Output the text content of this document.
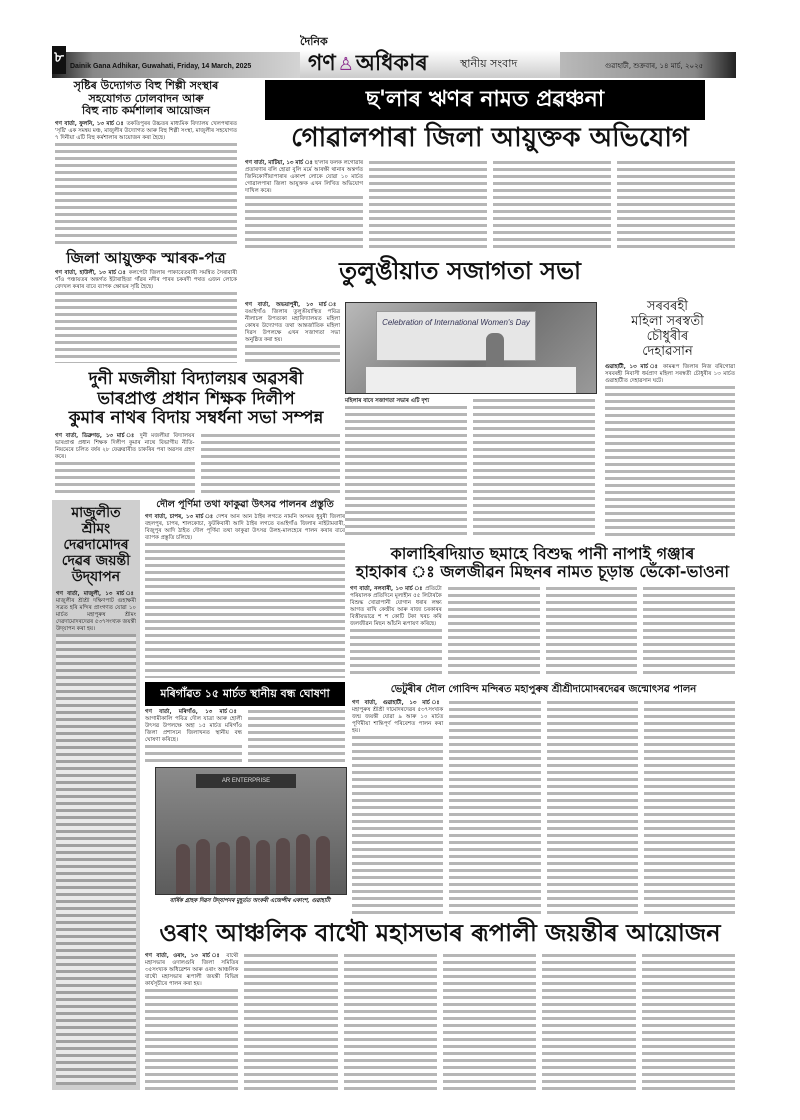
৮
Dainik Gana Adhikar, Guwahati, Friday, 14 March, 2025
দৈনিক
গণ ♙অধিকাৰ	স্থানীয় সংবাদ	গুৱাহাটী, শুক্রবাৰ, ১৪ মাৰ্চ, ২০২৫
সৃষ্টিৰ উদ্যোগত বিহু শিল্পী সংস্থাৰ
সহযোগত ঢোলবাদন আৰু
বিহু নাচ কৰ্মশালাৰ আয়োজন
গণ বাৰ্তা, ফুলনি, ১৩ মাৰ্চ ঃ তকতিপুৰৰ উচ্চতৰ মাধ্যমিক বিদ্যালয় খেলপথাৰত 'সৃষ্টি' এক সমন্বয় মঞ্চ, মাজুলীৰ উদ্যোগত আৰু বিহু শিল্পী সংস্থা, মাজুলীৰ সহযোগত ৭ দিনীয়া এটি বিহু কৰ্মশালাৰ আয়োজন কৰা হৈছে।
জিলা আয়ুক্তক স্মাৰক-পত্ৰ
গণ বাৰ্তা, হাউলী, ১৩ মাৰ্চ ঃ কলপেটা জিলাৰ পাকাবেতবাৰী সমন্বিত সৈৰাবাৰী গাঁও পঞ্চায়তৰ অন্তৰ্গত ইটাৰাহিতা গাঁৱৰ নদীৰ পাৰৰ চকৰদী পথত এজন লোকে বেদখল কৰাৰ বাবে ব্যাপক ক্ষোভৰ সৃষ্টি হৈছে।
ছ'লাৰ ঋণৰ নামত প্ৰৱঞ্চনা
গোৱালপাৰা জিলা আয়ুক্তক অভিযোগ
গণ বাৰ্তা, মাটিয়া, ১৩ মাৰ্চ ঃ ছ'লাৰ ফলক লগোৱাৰ প্ৰতাৰণাৰ বলি হোৱা বুলি মৰ্মে আৰক্ষী থানাৰ অন্তৰ্গত জিনিকোণীয়াপাৰাৰ একাংশ লোকে যোৱা ১০ মাৰ্চত গোৱালপাৰা জিলা আয়ুক্তক এখন লিখিত অভিযোগ দাখিল কৰে।
তুলুঙীয়াত সজাগতা সভা
গণ বাৰ্তা, অভয়াপুৰী, ১৩ মাৰ্চ ঃ বঙাইগাঁও জিলাৰ তুলুঙীয়াস্থিত পবিত্ৰ নীলাচল উপত্যকা মহাবিদ্যালয়ত মহিলা কোষৰ উদ্যোগত তথা আন্তৰ্জাতিক মহিলা দিৱস উপলক্ষে এখন সজাগতা সভা অনুষ্ঠিত কৰা হয়।
Celebration of International Women's Day
মহিলাৰ বাবে সজাগতা সভাৰ এটি দৃশ্য
সৰবৰহী
মহিলা সৰস্বতী
চৌধুৰীৰ
দেহাৱসান
গুৱাহাটী, ১৩ মাৰ্চ ঃ কামৰূপ জিলাৰ নিজ বৰিগোৱা সৰবৰহী নিবাসী ধৰ্মপ্ৰাণ মহিলা সৰস্বতী চৌধুৰীৰ ১৩ মাৰ্চত গুৱাহাটীত দেহাৱসান ঘটে।
দুনী মজলীয়া বিদ্যালয়ৰ অৱসৰী
ভাৰপ্ৰাপ্ত প্ৰধান শিক্ষক দিলীপ
কুমাৰ নাথৰ বিদায় সম্বৰ্ধনা সভা সম্পন্ন
গণ বাৰ্তা, ডিব্ৰুগড়, ১৩ মাৰ্চ ঃ দুনী মজলীয়া বিদ্যালয়ৰ ভাৰপ্ৰাপ্ত প্ৰধান শিক্ষক দিলীপ কুমাৰ নাথে বিভাগীয় নীতি-নিয়মেৰে চলিত বৰ্ষৰ ২৮ ফেব্ৰুৱাৰীত চাকৰিৰ পৰা অৱসৰ গ্ৰহণ কৰে।
মাজুলীত
শ্ৰীমং
দেৱদামোদৰ
দেৱৰ জয়ন্তী
উদ্‌যাপন
গণ বাৰ্তা, মাজুলী, ১৩ মাৰ্চ ঃ মাজুলীৰ শ্ৰীশ্ৰী দক্ষিণপাট গুহাক্ষমী সত্ৰত হৰি মন্দিৰ প্ৰাংগণত যোৱা ১০ মাৰ্চত মহাপুৰুষ শ্ৰীমং দেৱদামোদৰদেৱৰ ৫৩৭সংখ্যক জয়ন্তী উদ্‌যাপন কৰা হয়।
দৌল পূৰ্ণিমা তথা ফাকুৱা উৎসৱ পালনৰ প্ৰস্তুতি
গণ বাৰ্তা, চাপৰ, ১৩ মাৰ্চ ঃ দেশৰ আন আন ঠাইৰ লগতে নামনি অসমৰ ধুবুৰী জিলাৰ বহলপুৰ, চাপৰ, শালকোচা, ফুটকিবাৰী আদি ঠাইৰ লগতে বঙাইগাঁও জিলাৰ নাইটামবাৰী, বিজুপুৰ আদি ঠাইত দৌল পূৰ্ণিমা তথা ফাকুৱা উৎসৱ উলহ-মালহেৰে পালন কৰাৰ বাবে ব্যাপক প্ৰস্তুতি চলিছে।
কালাহিৰদিয়াত ছমাহে বিশুদ্ধ পানী নাপাই গঞ্জাৰ
হাহাকাৰ ঃ জলজীৱন মিছনৰ নামত চূড়ান্ত ভেঁকো-ভাওনা
গণ বাৰ্তা, নলবাৰী, ১৩ মাৰ্চ ঃ প্ৰতিটো পৰিয়ালক প্ৰতিদিনে মূল্যহীন ৫৫ লিটাৰকৈ বিশুদ্ধ খোৱাপানী যোগান ধৰাৰ লক্ষ্য আগত ৰাখি কেন্দ্ৰীয় আৰু ৰাজ্য চৰকাৰৰ বিত্তীয়ভাৱে শ শ কোটি টকা খৰচ কৰি জলজীৱন মিছন আঁচনি ৰূপায়ণ কৰিছে।
মৰিগাঁৱত ১৫ মাৰ্চত স্থানীয় বন্ধ ঘোষণা
গণ বাৰ্তা, মৰিগাঁও, ১৩ মাৰ্চ ঃ আগামীকালি পবিত্ৰ দৌল যাত্ৰা আৰু হোলী উৎসৱ উপলক্ষে অহা ১৫ মাৰ্চত মৰিগাঁও জিলা প্ৰশাসনে জিলাখনত স্থানীয় বন্ধ ঘোষণা কৰিছে।
AR ENTERPRISE
বাৰ্ষিক গ্ৰাহক দিৱস উদ্‌যাপনৰ মুহূৰ্তত অংকৰী এজেন্সীৰ একাংশ, গুৱাহাটী
ভেটুৰীৰ দৌল গোবিন্দ মন্দিৰত মহাপুৰুষ শ্ৰীশ্ৰীদামোদৰদেৱৰ জন্মোৎসৱ পালন
গণ বাৰ্তা, গুৱাহাটী, ১৩ মাৰ্চ ঃ মহাপুৰুষ শ্ৰীশ্ৰী দামোদৰদেৱৰ ৫৩৭সংখ্যক জন্ম জয়ন্তী যোৱা ৯ আৰু ১০ মাৰ্চত পূৰ্ণিমীয়া শান্তিপূৰ্ণ পৰিবেশত পালন কৰা হয়।
ওৰাং আঞ্চলিক বাথৌ মহাসভাৰ ৰূপালী জয়ন্তীৰ আয়োজন
গণ বাৰ্তা, ওৰাং, ১৩ মাৰ্চ ঃ বাথৌ মহাসভাৰ ওদালগুৰি জিলা সমিতিৰ ৩৫সংখ্যক অধিৱেশন আৰু ওৰাং আঞ্চলিক বাথৌ মহাসভাৰ ৰূপালী জয়ন্তী বিভিন্ন কাৰ্যসূচীৰে পালন কৰা হয়।
